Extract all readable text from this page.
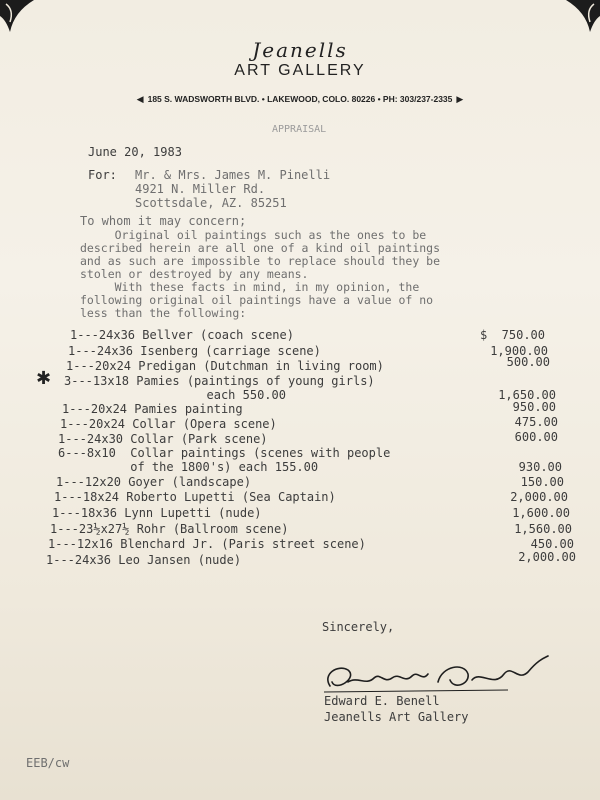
Jeanells
ART GALLERY
◀ 185 S. WADSWORTH BLVD. • LAKEWOOD, COLO. 80226 • PH: 303/237-2335 ▶
APPRAISAL
June 20, 1983
For: Mr. & Mrs. James M. Pinelli
4921 N. Miller Rd.
Scottsdale, AZ. 85251
To whom it may concern;
Original oil paintings such as the ones to be
described herein are all one of a kind oil paintings
and as such are impossible to replace should they be
stolen or destroyed by any means.
With these facts in mind, in my opinion, the
following original oil paintings have a value of no
less than the following:
1---24x36 Bellver (coach scene)	$  750.00
1---24x36 Isenberg (carriage scene)	1,900.00
1---20x24 Predigan (Dutchman in living room)	500.00
✱ 3---13x18 Pamies (paintings of young girls)
each 550.00	1,650.00
1---20x24 Pamies painting	950.00
1---20x24 Collar (Opera scene)	475.00
1---24x30 Collar (Park scene)	600.00
6---8x10  Collar paintings (scenes with people
of the 1800's) each 155.00	930.00
1---12x20 Goyer (landscape)	150.00
1---18x24 Roberto Lupetti (Sea Captain)	2,000.00
1---18x36 Lynn Lupetti (nude)	1,600.00
1---23½x27½ Rohr (Ballroom scene)	1,560.00
1---12x16 Blenchard Jr. (Paris street scene)	450.00
1---24x36 Leo Jansen (nude)	2,000.00
Sincerely,
Edward E. Benell
Jeanells Art Gallery
EEB/cw
